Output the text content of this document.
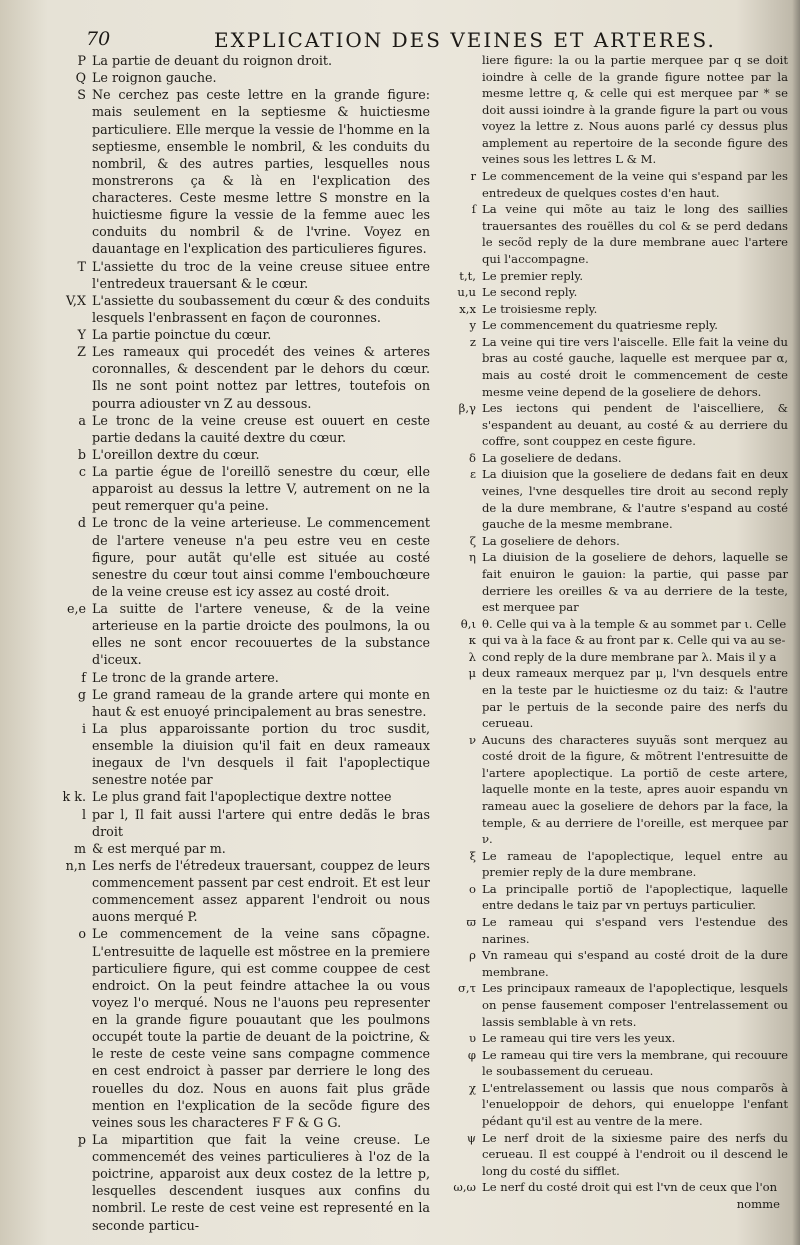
70	EXPLICATION DES VEINES ET ARTERES.
P La partie de deuant du roignon droit.
Q Le roignon gauche.
S Ne cerchez pas ceste lettre en la grande figure: mais seulement en la septiesme & huictiesme particuliere. Elle merque la vessie de l'homme en la septiesme, ensemble le nombril, & les conduits du nombril, & des autres parties, lesquelles nous monstrerons ça & là en l'explication des characteres. Ceste mesme lettre S monstre en la huictiesme figure la vessie de la femme auec les conduits du nombril & de l'vrine. Voyez en dauantage en l'explication des particulieres figures.
T L'assiette du troc de la veine creuse situee entre l'entredeux trauersant & le cœur.
V,X L'assiette du soubassement du cœur & des conduits lesquels l'enbrassent en façon de couronnes.
Y La partie poinctue du cœur.
Z Les rameaux qui procedét des veines & arteres coronnalles, & descendent par le dehors du cœur. Ils ne sont point nottez par lettres, toutefois on pourra adiouster vn Z au dessous.
a Le tronc de la veine creuse est ouuert en ceste partie dedans la cauité dextre du cœur.
b L'oreillon dextre du cœur.
c La partie égue de l'oreillõ senestre du cœur, elle apparoist au dessus la lettre V, autrement on ne la peut remerquer qu'a peine.
d Le tronc de la veine arterieuse. Le commencement de l'artere veneuse n'a peu estre veu en ceste figure, pour autãt qu'elle est située au costé senestre du cœur tout ainsi comme l'embouchœure de la veine creuse est icy assez au costé droit.
e,e La suitte de l'artere veneuse, & de la veine arterieuse en la partie droicte des poulmons, la ou elles ne sont encor recouuertes de la substance d'iceux.
f Le tronc de la grande artere.
g Le grand rameau de la grande artere qui monte en haut & est enuoyé principalement au bras senestre.
i La plus apparoissante portion du troc susdit, ensemble la diuision qu'il fait en deux rameaux inegaux de l'vn desquels il fait l'apoplectique senestre notée par
k k. Le plus grand fait l'apoplectique dextre nottee
l par l, Il fait aussi l'artere qui entre dedãs le bras droit
m & est merqué par m.
n,n Les nerfs de l'étredeux trauersant, couppez de leurs commencement passent par cest endroit. Et est leur commencement assez apparent l'endroit ou nous auons merqué P.
o Le commencement de la veine sans cõpagne. L'entresuitte de laquelle est mõstree en la premiere particuliere figure, qui est comme couppee de cest endroict. On la peut feindre attachee la ou vous voyez l'o merqué. Nous ne l'auons peu representer en la grande figure pouautant que les poulmons occupét toute la partie de deuant de la poictrine, & le reste de ceste veine sans compagne commence en cest endroict à passer par derriere le long des rouelles du doz. Nous en auons fait plus grãde mention en l'explication de la secõde figure des veines sous les characteres F F & G G.
p La mipartition que fait la veine creuse. Le commencemét des veines particulieres à l'oz de la poictrine, apparoist aux deux costez de la lettre p, lesquelles descendent iusques aux confins du nombril. Le reste de cest veine est representé en la seconde particu-
liere figure: la ou la partie merquee par q se doit ioindre à celle de la grande figure nottee par la mesme lettre q, & celle qui est merquee par * se doit aussi ioindre à la grande figure la part ou vous voyez la lettre z. Nous auons parlé cy dessus plus amplement au repertoire de la seconde figure des veines sous les lettres L & M.
r Le commencement de la veine qui s'espand par les entredeux de quelques costes d'en haut.
ſ La veine qui mõte au taiz le long des saillies trauersantes des rouëlles du col & se perd dedans le secõd reply de la dure membrane auec l'artere qui l'accompagne.
t,t, Le premier reply.
u,u Le second reply.
x,x Le troisiesme reply.
y Le commencement du quatriesme reply.
z La veine qui tire vers l'aiscelle. Elle fait la veine du bras au costé gauche, laquelle est merquee par α, mais au costé droit le commencement de ceste mesme veine depend de la goseliere de dehors.
β,γ Les iectons qui pendent de l'aiscelliere, & s'espandent au deuant, au costé & au derriere du coffre, sont couppez en ceste figure.
δ La goseliere de dedans.
ε La diuision que la goseliere de dedans fait en deux veines, l'vne desquelles tire droit au second reply de la dure membrane, & l'autre s'espand au costé gauche de la mesme membrane.
ζ La goseliere de dehors.
η La diuision de la goseliere de dehors, laquelle se fait enuiron le gauion: la partie, qui passe par derriere les oreilles & va au derriere de la teste, est merquee par
θ,ι θ. Celle qui va à la temple & au sommet par ι. Celle
κ qui va à la face & au front par κ. Celle qui va au se-
λ cond reply de la dure membrane par λ. Mais il y a
μ deux rameaux merquez par μ, l'vn desquels entre en la teste par le huictiesme oz du taiz: & l'autre par le pertuis de la seconde paire des nerfs du cerueau.
ν Aucuns des characteres suyuãs sont merquez au costé droit de la figure, & mõtrent l'entresuitte de l'artere apoplectique. La portiõ de ceste artere, laquelle monte en la teste, apres auoir espandu vn rameau auec la goseliere de dehors par la face, la temple, & au derriere de l'oreille, est merquee par ν.
ξ Le rameau de l'apoplectique, lequel entre au premier reply de la dure membrane.
ο La principalle portiõ de l'apoplectique, laquelle entre dedans le taiz par vn pertuys particulier.
ϖ Le rameau qui s'espand vers l'estendue des narines.
ρ Vn rameau qui s'espand au costé droit de la dure membrane.
σ,τ Les principaux rameaux de l'apoplectique, lesquels on pense fausement composer l'entrelassement ou lassis semblable à vn rets.
υ Le rameau qui tire vers les yeux.
φ Le rameau qui tire vers la membrane, qui recouure le soubassement du cerueau.
χ L'entrelassement ou lassis que nous comparõs à l'enueloppoir de dehors, qui enueloppe l'enfant pédant qu'il est au ventre de la mere.
ψ Le nerf droit de la sixiesme paire des nerfs du cerueau. Il est couppé à l'endroit ou il descend le long du costé du sifflet.
ω,ω Le nerf du costé droit qui est l'vn de ceux que l'on
nomme
